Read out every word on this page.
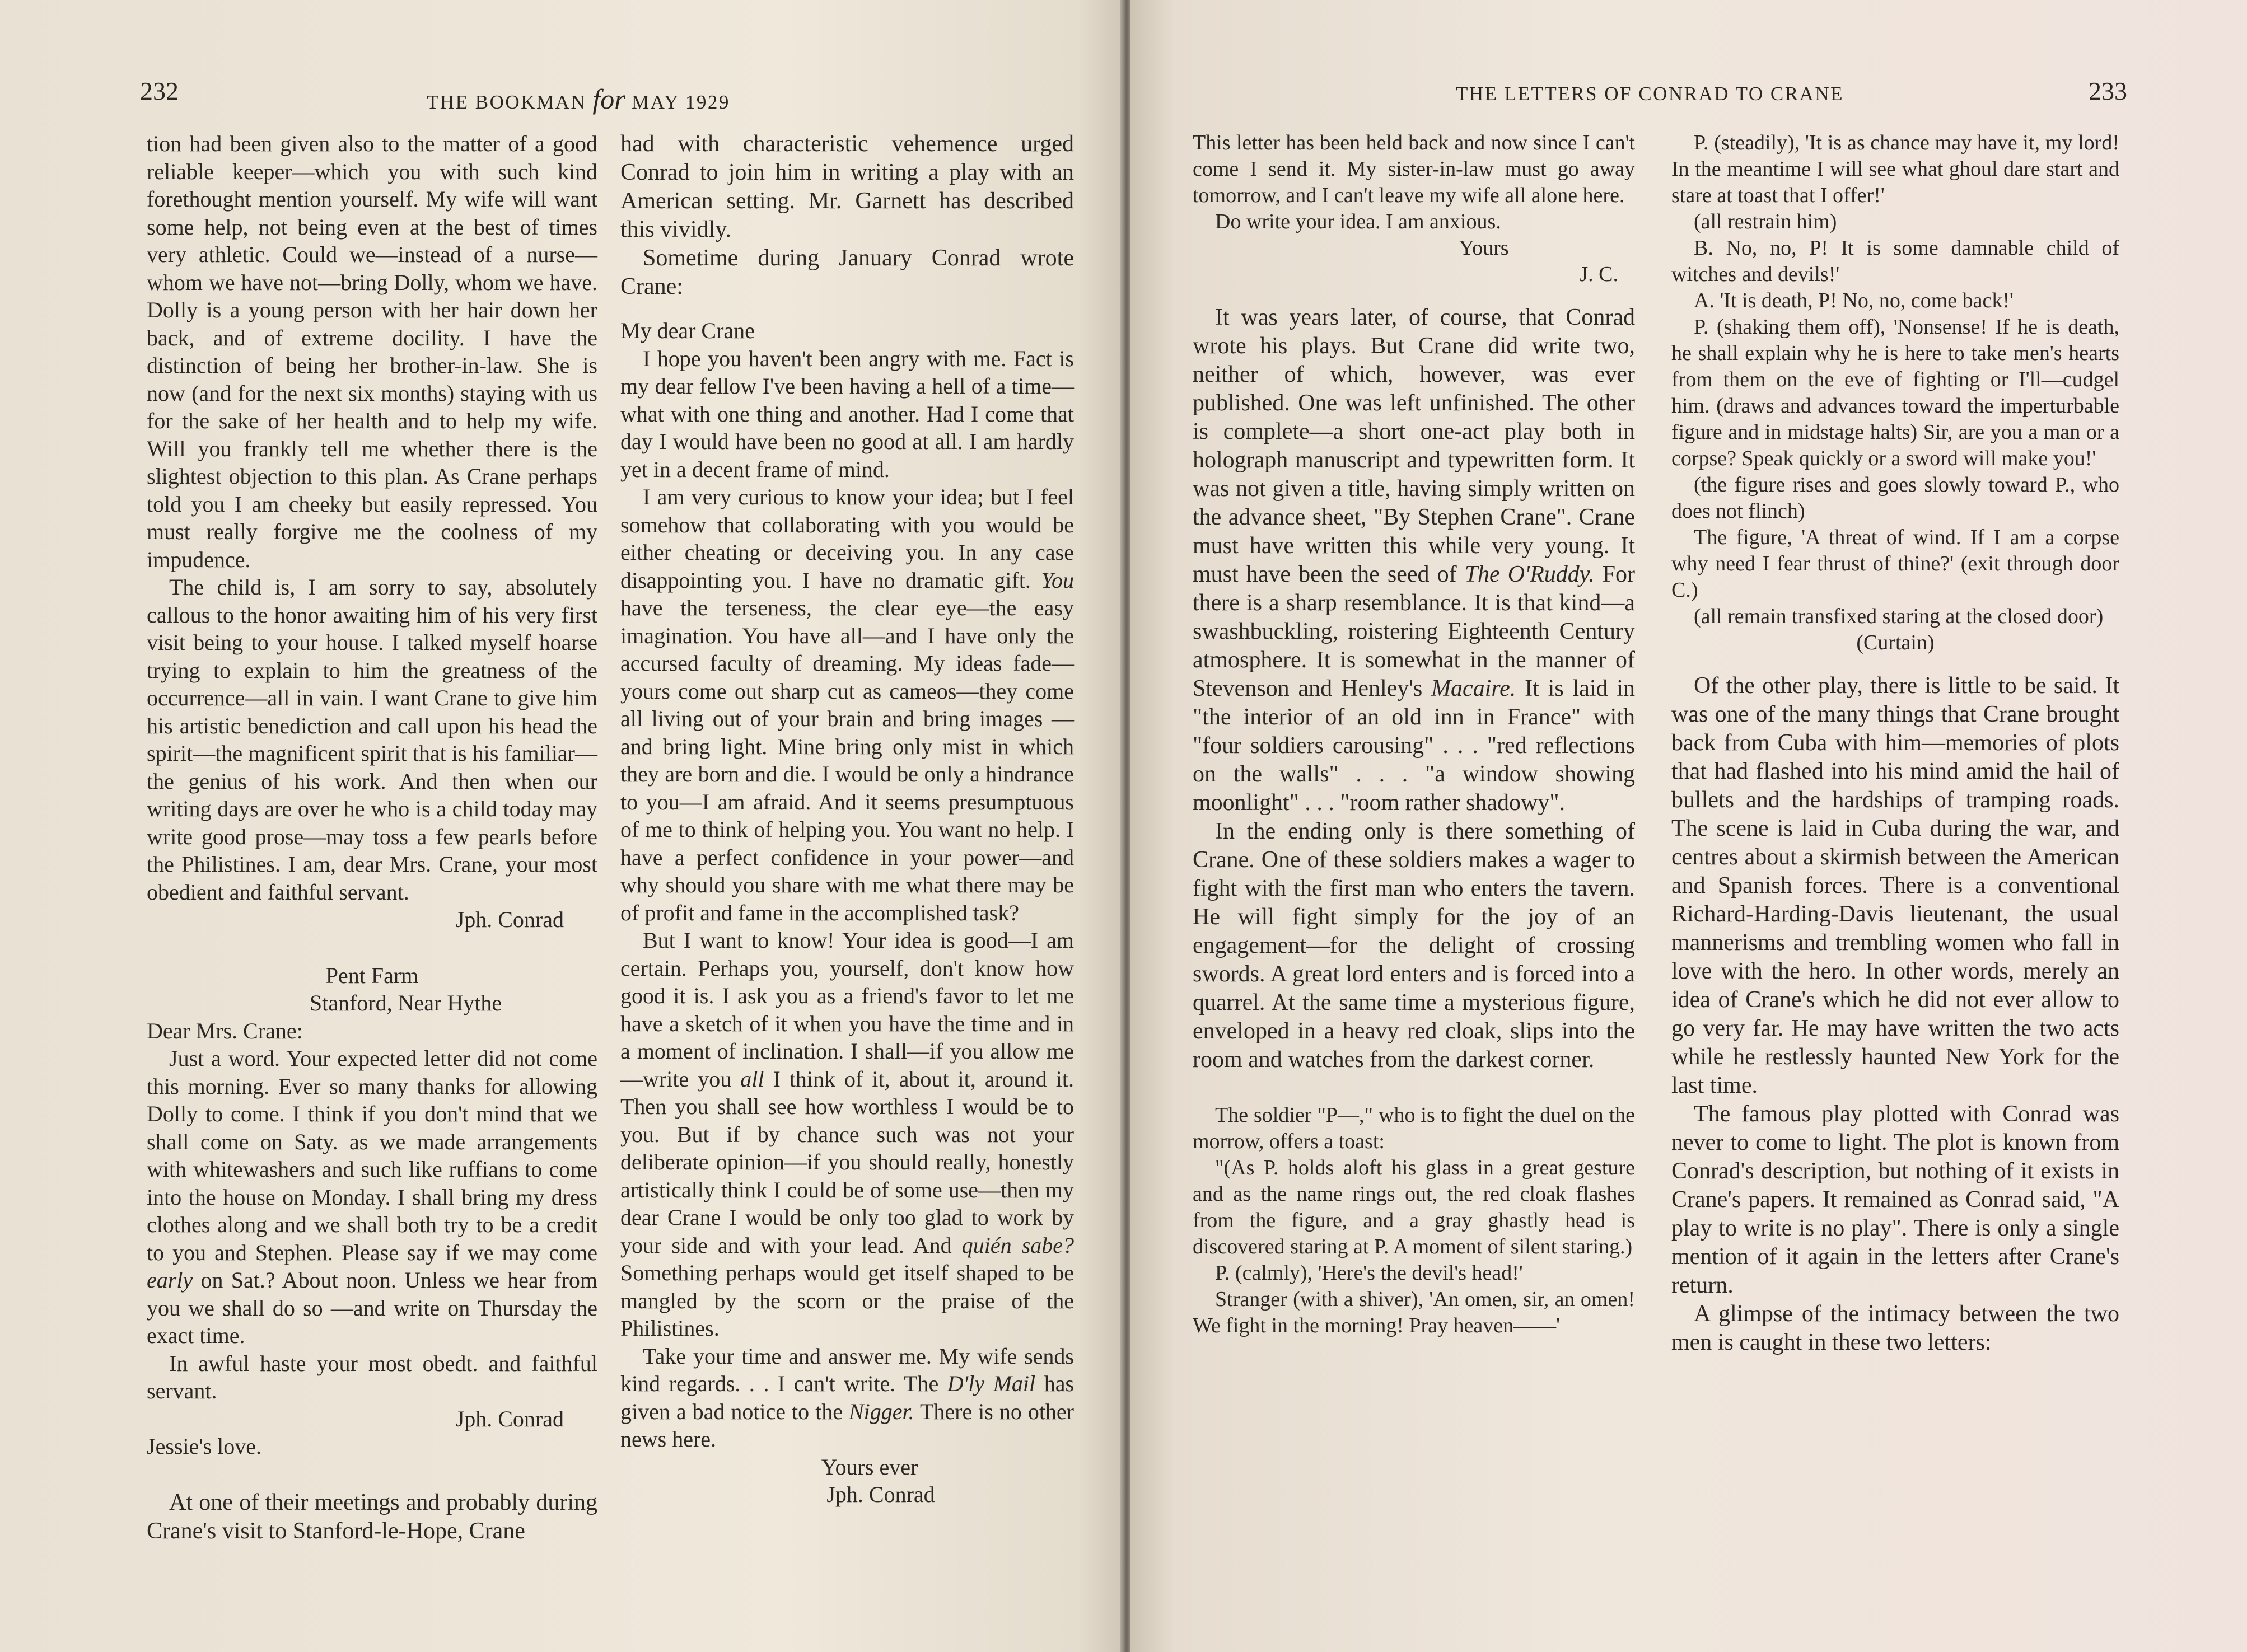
232	THE BOOKMAN for MAY 1929

tion had been given also to the matter of a good reliable keeper—which you with such kind forethought mention yourself. My wife will want some help, not being even at the best of times very athletic. Could we—instead of a nurse—whom we have not—bring Dolly, whom we have. Dolly is a young person with her hair down her back, and of extreme docility. I have the distinction of being her brother-in-law. She is now (and for the next six months) staying with us for the sake of her health and to help my wife. Will you frankly tell me whether there is the slightest objection to this plan. As Crane perhaps told you I am cheeky but easily repressed. You must really forgive me the coolness of my impudence.

The child is, I am sorry to say, absolutely callous to the honor awaiting him of his very first visit being to your house. I talked myself hoarse trying to explain to him the greatness of the occurrence—all in vain. I want Crane to give him his artistic benediction and call upon his head the spirit—the magnificent spirit that is his familiar—the genius of his work. And then when our writing days are over he who is a child today may write good prose—may toss a few pearls before the Philistines. I am, dear Mrs. Crane, your most obedient and faithful servant.

Jph. Conrad

Pent Farm

Stanford, Near Hythe

Dear Mrs. Crane:

Just a word. Your expected letter did not come this morning. Ever so many thanks for allowing Dolly to come. I think if you don't mind that we shall come on Saty. as we made arrangements with whitewashers and such like ruffians to come into the house on Monday. I shall bring my dress clothes along and we shall both try to be a credit to you and Stephen. Please say if we may come early on Sat.? About noon. Unless we hear from you we shall do so —and write on Thursday the exact time.

In awful haste your most obedt. and faithful servant.

Jph. Conrad

Jessie's love.

At one of their meetings and probably during Crane's visit to Stanford-le-Hope, Crane

had with characteristic vehemence urged Conrad to join him in writing a play with an American setting. Mr. Garnett has described this vividly.

Sometime during January Conrad wrote Crane:

My dear Crane

I hope you haven't been angry with me. Fact is my dear fellow I've been having a hell of a time—what with one thing and another. Had I come that day I would have been no good at all. I am hardly yet in a decent frame of mind.

I am very curious to know your idea; but I feel somehow that collaborating with you would be either cheating or deceiving you. In any case disappointing you. I have no dramatic gift. You have the terseness, the clear eye—the easy imagination. You have all—and I have only the accursed faculty of dreaming. My ideas fade—yours come out sharp cut as cameos—they come all living out of your brain and bring images —and bring light. Mine bring only mist in which they are born and die. I would be only a hindrance to you—I am afraid. And it seems presumptuous of me to think of helping you. You want no help. I have a perfect confidence in your power—and why should you share with me what there may be of profit and fame in the accomplished task?

But I want to know! Your idea is good—I am certain. Perhaps you, yourself, don't know how good it is. I ask you as a friend's favor to let me have a sketch of it when you have the time and in a moment of inclination. I shall—if you allow me—write you all I think of it, about it, around it. Then you shall see how worthless I would be to you. But if by chance such was not your deliberate opinion—if you should really, honestly artistically think I could be of some use—then my dear Crane I would be only too glad to work by your side and with your lead. And quién sabe? Something perhaps would get itself shaped to be mangled by the scorn or the praise of the Philistines.

Take your time and answer me. My wife sends kind regards. . . I can't write. The D'ly Mail has given a bad notice to the Nigger. There is no other news here.

Yours ever

Jph. Conrad

THE LETTERS OF CONRAD TO CRANE	233

This letter has been held back and now since I can't come I send it. My sister-in-law must go away tomorrow, and I can't leave my wife all alone here.

Do write your idea. I am anxious.

Yours

J. C.

It was years later, of course, that Conrad wrote his plays. But Crane did write two, neither of which, however, was ever published. One was left unfinished. The other is complete—a short one-act play both in holograph manuscript and typewritten form. It was not given a title, having simply written on the advance sheet, "By Stephen Crane". Crane must have written this while very young. It must have been the seed of The O'Ruddy. For there is a sharp resemblance. It is that kind—a swashbuckling, roistering Eighteenth Century atmosphere. It is somewhat in the manner of Stevenson and Henley's Macaire. It is laid in "the interior of an old inn in France" with "four soldiers carousing" . . . "red reflections on the walls" . . . "a window showing moonlight" . . . "room rather shadowy".

In the ending only is there something of Crane. One of these soldiers makes a wager to fight with the first man who enters the tavern. He will fight simply for the joy of an engagement—for the delight of crossing swords. A great lord enters and is forced into a quarrel. At the same time a mysterious figure, enveloped in a heavy red cloak, slips into the room and watches from the darkest corner.

The soldier "P—," who is to fight the duel on the morrow, offers a toast:

"(As P. holds aloft his glass in a great gesture and as the name rings out, the red cloak flashes from the figure, and a gray ghastly head is discovered staring at P. A moment of silent staring.)

P. (calmly), 'Here's the devil's head!'

Stranger (with a shiver), 'An omen, sir, an omen! We fight in the morning! Pray heaven——'

P. (steadily), 'It is as chance may have it, my lord! In the meantime I will see what ghoul dare start and stare at toast that I offer!'

(all restrain him)

B. No, no, P! It is some damnable child of witches and devils!'

A. 'It is death, P! No, no, come back!'

P. (shaking them off), 'Nonsense! If he is death, he shall explain why he is here to take men's hearts from them on the eve of fighting or I'll—cudgel him. (draws and advances toward the imperturbable figure and in midstage halts) Sir, are you a man or a corpse? Speak quickly or a sword will make you!'

(the figure rises and goes slowly toward P., who does not flinch)

The figure, 'A threat of wind. If I am a corpse why need I fear thrust of thine?' (exit through door C.)

(all remain transfixed staring at the closed door)

(Curtain)

Of the other play, there is little to be said. It was one of the many things that Crane brought back from Cuba with him—memories of plots that had flashed into his mind amid the hail of bullets and the hardships of tramping roads. The scene is laid in Cuba during the war, and centres about a skirmish between the American and Spanish forces. There is a conventional Richard-Harding-Davis lieutenant, the usual mannerisms and trembling women who fall in love with the hero. In other words, merely an idea of Crane's which he did not ever allow to go very far. He may have written the two acts while he restlessly haunted New York for the last time.

The famous play plotted with Conrad was never to come to light. The plot is known from Conrad's description, but nothing of it exists in Crane's papers. It remained as Conrad said, "A play to write is no play". There is only a single mention of it again in the letters after Crane's return.

A glimpse of the intimacy between the two men is caught in these two letters:
